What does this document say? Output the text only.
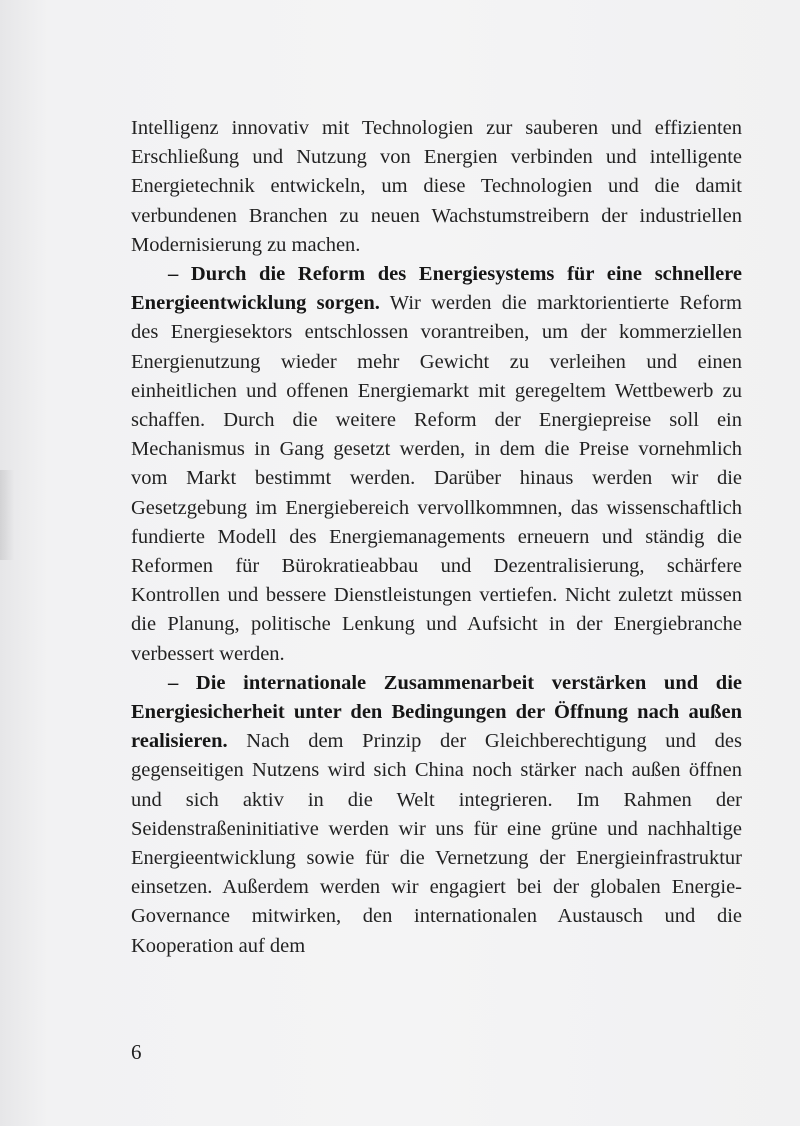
Intelligenz innovativ mit Technologien zur sauberen und effizienten Erschließung und Nutzung von Energien verbinden und intelligente Energietechnik entwickeln, um diese Technologien und die damit verbundenen Branchen zu neuen Wachstumstreibern der industriellen Modernisierung zu machen.

– Durch die Reform des Energiesystems für eine schnellere Energieentwicklung sorgen. Wir werden die marktorientierte Reform des Energiesektors entschlossen vorantreiben, um der kommerziellen Energienutzung wieder mehr Gewicht zu verleihen und einen einheitlichen und offenen Energiemarkt mit geregeltem Wettbewerb zu schaffen. Durch die weitere Reform der Energiepreise soll ein Mechanismus in Gang gesetzt werden, in dem die Preise vornehmlich vom Markt bestimmt werden. Darüber hinaus werden wir die Gesetzgebung im Energiebereich vervollkommnen, das wissenschaftlich fundierte Modell des Energiemanagements erneuern und ständig die Reformen für Bürokratieabbau und Dezentralisierung, schärfere Kontrollen und bessere Dienstleistungen vertiefen. Nicht zuletzt müssen die Planung, politische Lenkung und Aufsicht in der Energiebranche verbessert werden.

– Die internationale Zusammenarbeit verstärken und die Energiesicherheit unter den Bedingungen der Öffnung nach außen realisieren. Nach dem Prinzip der Gleichberechtigung und des gegenseitigen Nutzens wird sich China noch stärker nach außen öffnen und sich aktiv in die Welt integrieren. Im Rahmen der Seidenstraßeninitiative werden wir uns für eine grüne und nachhaltige Energieentwicklung sowie für die Vernetzung der Energieinfrastruktur einsetzen. Außerdem werden wir engagiert bei der globalen Energie-Governance mitwirken, den internationalen Austausch und die Kooperation auf dem

6
